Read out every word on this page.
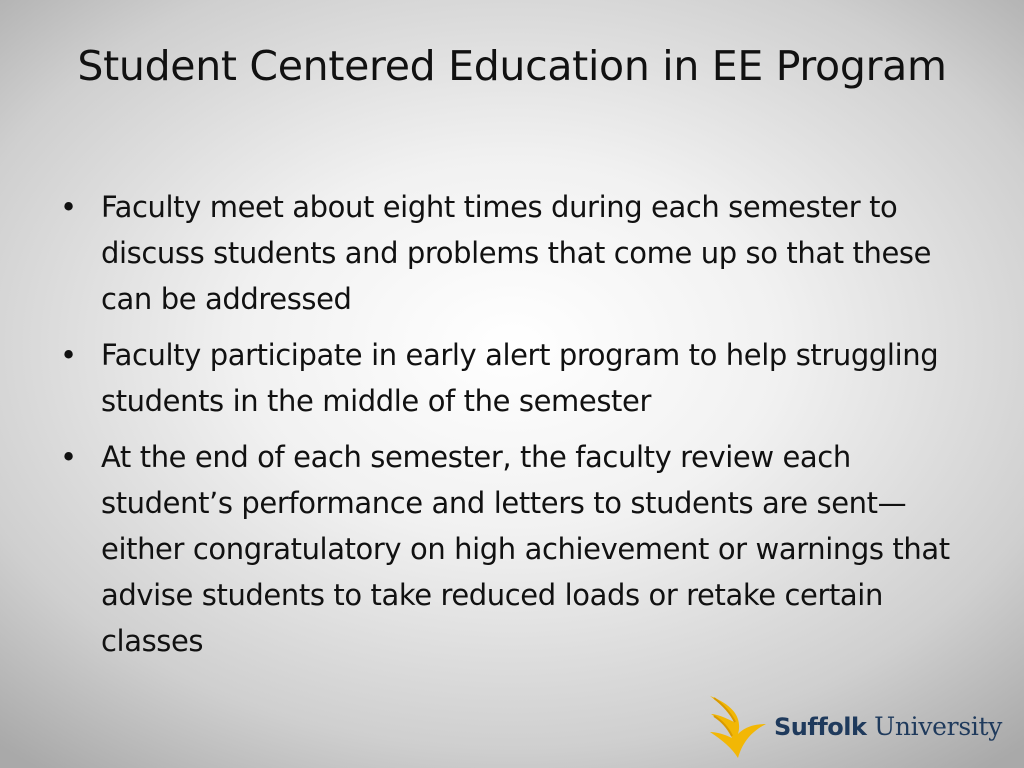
Student Centered Education in EE Program
• Faculty meet about eight times during each semester to discuss students and problems that come up so that these can be addressed
• Faculty participate in early alert program to help struggling students in the middle of the semester
• At the end of each semester, the faculty review each student’s performance and letters to students are sent—either congratulatory on high achievement or warnings that advise students to take reduced loads or retake certain classes
Suffolk University
